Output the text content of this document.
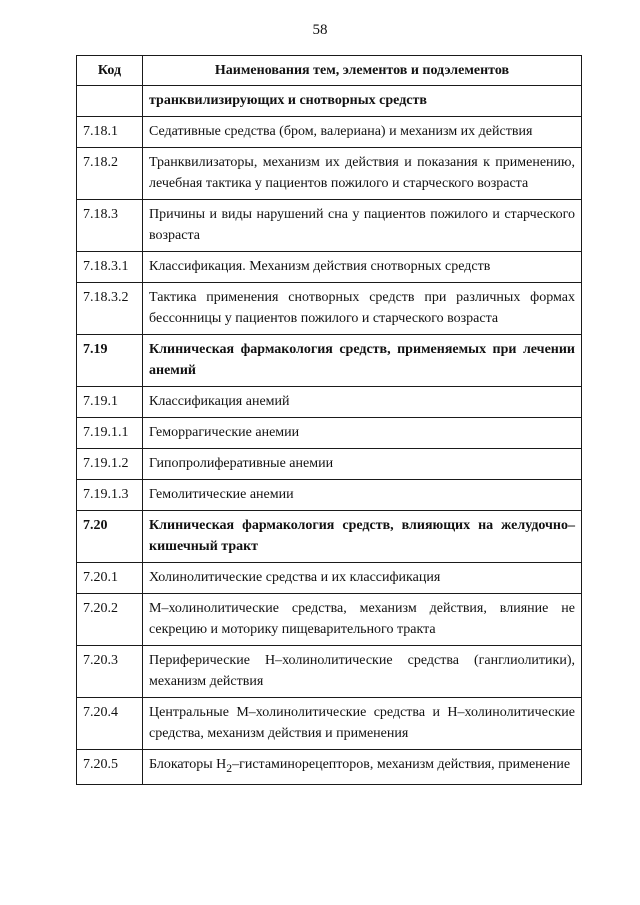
58
Код	Наименования тем, элементов и подэлементов
	транквилизирующих и снотворных средств
7.18.1	Седативные средства (бром, валериана) и механизм их действия
7.18.2	Транквилизаторы, механизм их действия и показания к применению, лечебная тактика у пациентов пожилого и старческого возраста
7.18.3	Причины и виды нарушений сна у пациентов пожилого и старческого возраста
7.18.3.1	Классификация. Механизм действия снотворных средств
7.18.3.2	Тактика применения снотворных средств при различных формах бессонницы у пациентов пожилого и старческого возраста
7.19	Клиническая фармакология средств, применяемых при лечении анемий
7.19.1	Классификация анемий
7.19.1.1	Геморрагические анемии
7.19.1.2	Гипопролиферативные анемии
7.19.1.3	Гемолитические анемии
7.20	Клиническая фармакология средств, влияющих на желудочно–кишечный тракт
7.20.1	Холинолитические средства и их классификация
7.20.2	М–холинолитические средства, механизм действия, влияние не секрецию и моторику пищеварительного тракта
7.20.3	Периферические Н–холинолитические средства (ганглиолитики), механизм действия
7.20.4	Центральные М–холинолитические средства и Н–холинолитические средства, механизм действия и применения
7.20.5	Блокаторы $H_2$–гистаминорецепторов, механизм действия, применение
